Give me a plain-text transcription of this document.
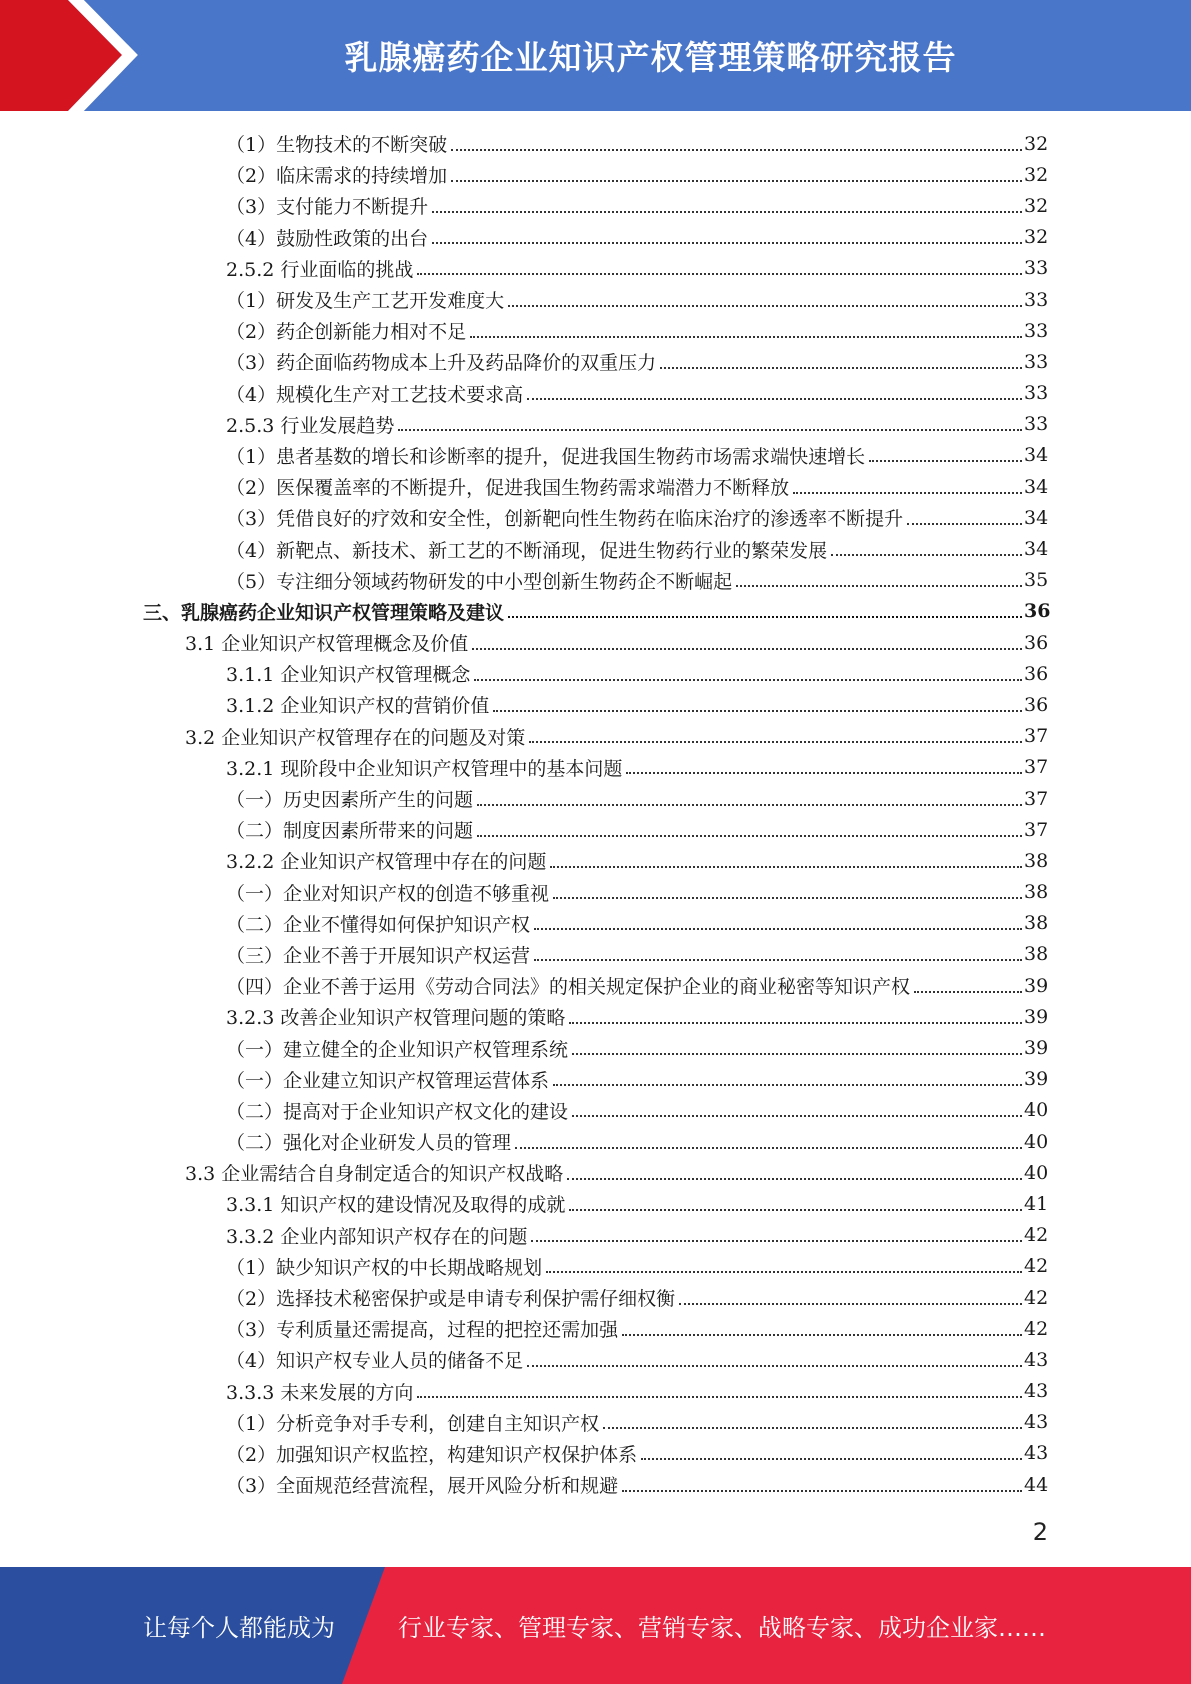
乳腺癌药企业知识产权管理策略研究报告
（1）生物技术的不断突破	32
（2）临床需求的持续增加	32
（3）支付能力不断提升	32
（4）鼓励性政策的出台	32
2.5.2 行业面临的挑战	33
（1）研发及生产工艺开发难度大	33
（2）药企创新能力相对不足	33
（3）药企面临药物成本上升及药品降价的双重压力	33
（4）规模化生产对工艺技术要求高	33
2.5.3 行业发展趋势	33
（1）患者基数的增长和诊断率的提升，促进我国生物药市场需求端快速增长	34
（2）医保覆盖率的不断提升，促进我国生物药需求端潜力不断释放	34
（3）凭借良好的疗效和安全性，创新靶向性生物药在临床治疗的渗透率不断提升	34
（4）新靶点、新技术、新工艺的不断涌现，促进生物药行业的繁荣发展	34
（5）专注细分领域药物研发的中小型创新生物药企不断崛起	35
三、乳腺癌药企业知识产权管理策略及建议	36
3.1 企业知识产权管理概念及价值	36
3.1.1 企业知识产权管理概念	36
3.1.2 企业知识产权的营销价值	36
3.2 企业知识产权管理存在的问题及对策	37
3.2.1 现阶段中企业知识产权管理中的基本问题	37
（一）历史因素所产生的问题	37
（二）制度因素所带来的问题	37
3.2.2 企业知识产权管理中存在的问题	38
（一）企业对知识产权的创造不够重视	38
（二）企业不懂得如何保护知识产权	38
（三）企业不善于开展知识产权运营	38
（四）企业不善于运用《劳动合同法》的相关规定保护企业的商业秘密等知识产权	39
3.2.3 改善企业知识产权管理问题的策略	39
（一）建立健全的企业知识产权管理系统	39
（一）企业建立知识产权管理运营体系	39
（二）提高对于企业知识产权文化的建设	40
（二）强化对企业研发人员的管理	40
3.3 企业需结合自身制定适合的知识产权战略	40
3.3.1 知识产权的建设情况及取得的成就	41
3.3.2 企业内部知识产权存在的问题	42
（1）缺少知识产权的中长期战略规划	42
（2）选择技术秘密保护或是申请专利保护需仔细权衡	42
（3）专利质量还需提高，过程的把控还需加强	42
（4）知识产权专业人员的储备不足	43
3.3.3 未来发展的方向	43
（1）分析竞争对手专利，创建自主知识产权	43
（2）加强知识产权监控，构建知识产权保护体系	43
（3）全面规范经营流程，展开风险分析和规避	44
2
让每个人都能成为	行业专家、管理专家、营销专家、战略专家、成功企业家……
